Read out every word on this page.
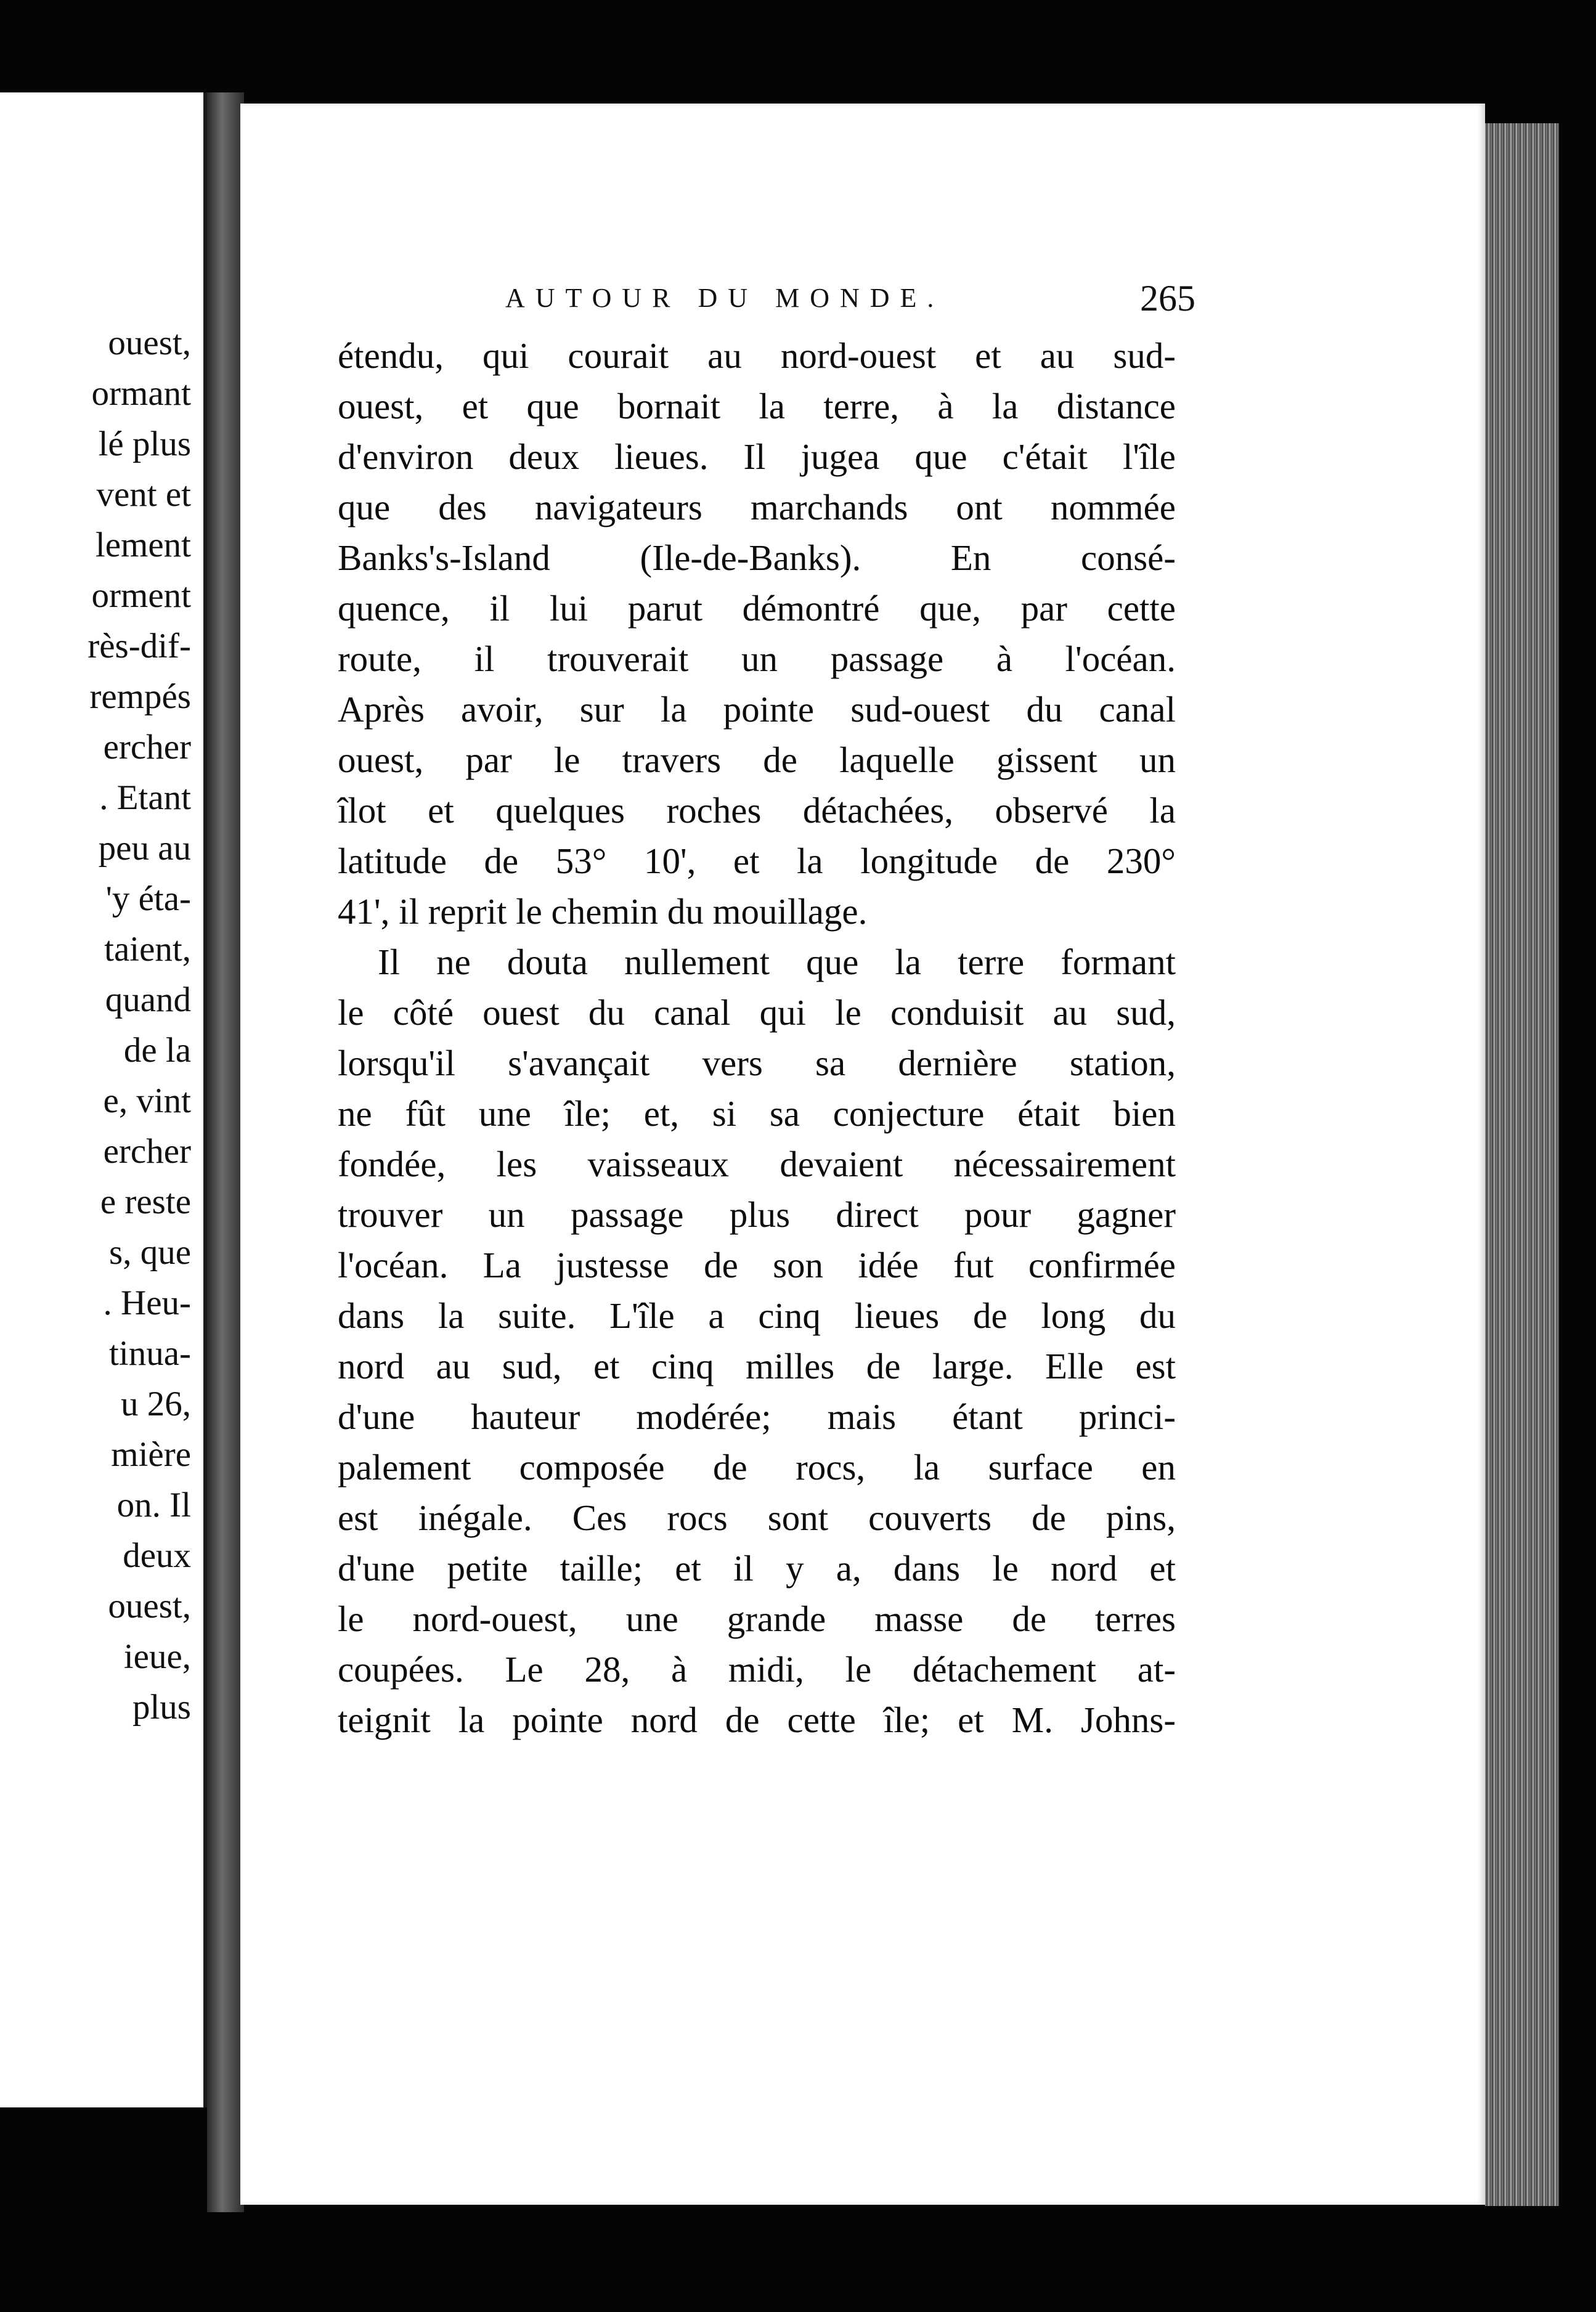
ouest,
ormant
lé plus
vent et
lement
orment
rès-dif-
rempés
ercher
. Etant
peu au
'y éta-
taient,
quand
de la
e, vint
ercher
e reste
s, que
. Heu-
tinua-
u 26,
mière
on. Il
deux
ouest,
ieue,
plus
AUTOUR DU MONDE.	265
étendu, qui courait au nord-ouest et au sud-
ouest, et que bornait la terre, à la distance
d'environ deux lieues. Il jugea que c'était l'île
que des navigateurs marchands ont nommée
Banks's-Island (Ile-de-Banks). En consé-
quence, il lui parut démontré que, par cette
route, il trouverait un passage à l'océan.
Après avoir, sur la pointe sud-ouest du canal
ouest, par le travers de laquelle gissent un
îlot et quelques roches détachées, observé la
latitude de 53° 10', et la longitude de 230°
41', il reprit le chemin du mouillage.
Il ne douta nullement que la terre formant
le côté ouest du canal qui le conduisit au sud,
lorsqu'il s'avançait vers sa dernière station,
ne fût une île; et, si sa conjecture était bien
fondée, les vaisseaux devaient nécessairement
trouver un passage plus direct pour gagner
l'océan. La justesse de son idée fut confirmée
dans la suite. L'île a cinq lieues de long du
nord au sud, et cinq milles de large. Elle est
d'une hauteur modérée; mais étant princi-
palement composée de rocs, la surface en
est inégale. Ces rocs sont couverts de pins,
d'une petite taille; et il y a, dans le nord et
le nord-ouest, une grande masse de terres
coupées. Le 28, à midi, le détachement at-
teignit la pointe nord de cette île; et M. Johns-
